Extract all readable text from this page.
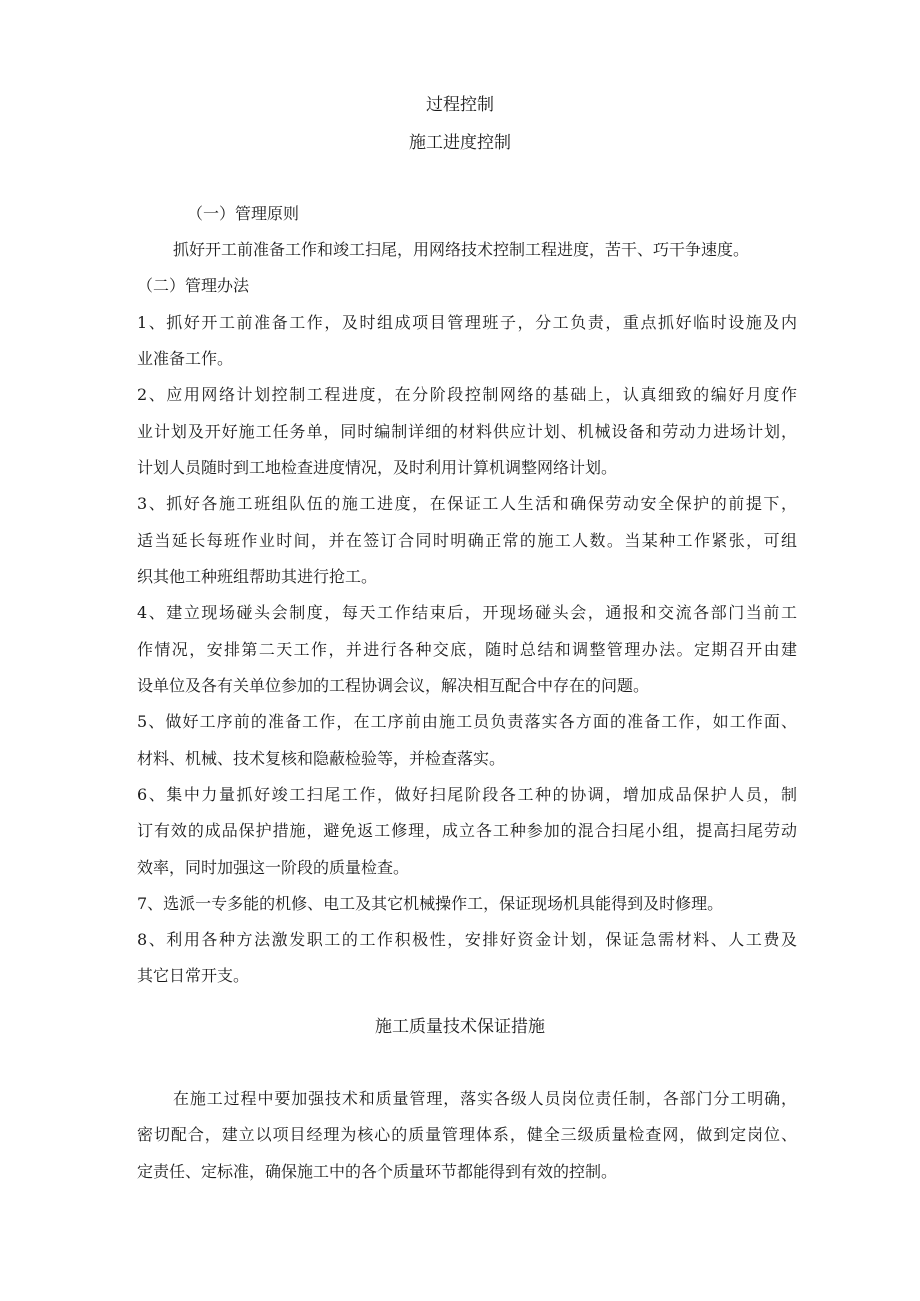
过程控制
施工进度控制
（一）管理原则
抓好开工前准备工作和竣工扫尾，用网络技术控制工程进度，苦干、巧干争速度。
（二）管理办法
1、抓好开工前准备工作，及时组成项目管理班子，分工负责，重点抓好临时设施及内
业准备工作。
2、应用网络计划控制工程进度，在分阶段控制网络的基础上，认真细致的编好月度作
业计划及开好施工任务单，同时编制详细的材料供应计划、机械设备和劳动力进场计划，
计划人员随时到工地检查进度情况，及时利用计算机调整网络计划。
3、抓好各施工班组队伍的施工进度，在保证工人生活和确保劳动安全保护的前提下，
适当延长每班作业时间，并在签订合同时明确正常的施工人数。当某种工作紧张，可组
织其他工种班组帮助其进行抢工。
4、建立现场碰头会制度，每天工作结束后，开现场碰头会，通报和交流各部门当前工
作情况，安排第二天工作，并进行各种交底，随时总结和调整管理办法。定期召开由建
设单位及各有关单位参加的工程协调会议，解决相互配合中存在的问题。
5、做好工序前的准备工作，在工序前由施工员负责落实各方面的准备工作，如工作面、
材料、机械、技术复核和隐蔽检验等，并检查落实。
6、集中力量抓好竣工扫尾工作，做好扫尾阶段各工种的协调，增加成品保护人员，制
订有效的成品保护措施，避免返工修理，成立各工种参加的混合扫尾小组，提高扫尾劳动
效率，同时加强这一阶段的质量检查。
7、选派一专多能的机修、电工及其它机械操作工，保证现场机具能得到及时修理。
8、利用各种方法激发职工的工作积极性，安排好资金计划，保证急需材料、人工费及
其它日常开支。
施工质量技术保证措施
在施工过程中要加强技术和质量管理，落实各级人员岗位责任制，各部门分工明确，
密切配合，建立以项目经理为核心的质量管理体系，健全三级质量检查网，做到定岗位、
定责任、定标准，确保施工中的各个质量环节都能得到有效的控制。
